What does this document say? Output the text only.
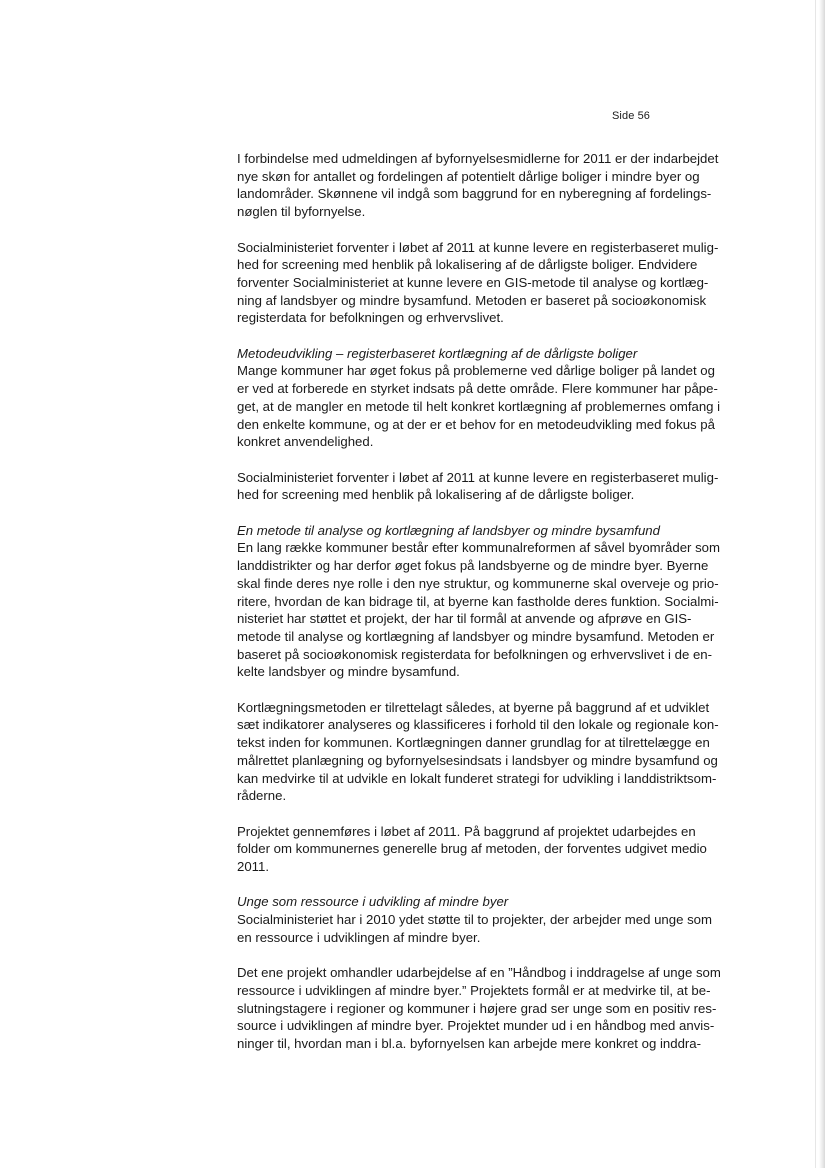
Side 56

I forbindelse med udmeldingen af byfornyelsesmidlerne for 2011 er der indarbejdet
nye skøn for antallet og fordelingen af potentielt dårlige boliger i mindre byer og
landområder. Skønnene vil indgå som baggrund for en nyberegning af fordelings-
nøglen til byfornyelse.

Socialministeriet forventer i løbet af 2011 at kunne levere en registerbaseret mulig-
hed for screening med henblik på lokalisering af de dårligste boliger. Endvidere
forventer Socialministeriet at kunne levere en GIS-metode til analyse og kortlæg-
ning af landsbyer og mindre bysamfund. Metoden er baseret på socioøkonomisk
registerdata for befolkningen og erhvervslivet.

Metodeudvikling – registerbaseret kortlægning af de dårligste boliger

Mange kommuner har øget fokus på problemerne ved dårlige boliger på landet og
er ved at forberede en styrket indsats på dette område. Flere kommuner har påpe-
get, at de mangler en metode til helt konkret kortlægning af problemernes omfang i
den enkelte kommune, og at der er et behov for en metodeudvikling med fokus på
konkret anvendelighed.

Socialministeriet forventer i løbet af 2011 at kunne levere en registerbaseret mulig-
hed for screening med henblik på lokalisering af de dårligste boliger.

En metode til analyse og kortlægning af landsbyer og mindre bysamfund

En lang række kommuner består efter kommunalreformen af såvel byområder som
landdistrikter og har derfor øget fokus på landsbyerne og de mindre byer. Byerne
skal finde deres nye rolle i den nye struktur, og kommunerne skal overveje og prio-
ritere, hvordan de kan bidrage til, at byerne kan fastholde deres funktion. Socialmi-
nisteriet har støttet et projekt, der har til formål at anvende og afprøve en GIS-
metode til analyse og kortlægning af landsbyer og mindre bysamfund. Metoden er
baseret på socioøkonomisk registerdata for befolkningen og erhvervslivet i de en-
kelte landsbyer og mindre bysamfund.

Kortlægningsmetoden er tilrettelagt således, at byerne på baggrund af et udviklet
sæt indikatorer analyseres og klassificeres i forhold til den lokale og regionale kon-
tekst inden for kommunen. Kortlægningen danner grundlag for at tilrettelægge en
målrettet planlægning og byfornyelsesindsats i landsbyer og mindre bysamfund og
kan medvirke til at udvikle en lokalt funderet strategi for udvikling i landdistriktsom-
råderne.

Projektet gennemføres i løbet af 2011. På baggrund af projektet udarbejdes en
folder om kommunernes generelle brug af metoden, der forventes udgivet medio
2011.

Unge som ressource i udvikling af mindre byer

Socialministeriet har i 2010 ydet støtte til to projekter, der arbejder med unge som
en ressource i udviklingen af mindre byer.

Det ene projekt omhandler udarbejdelse af en ”Håndbog i inddragelse af unge som
ressource i udviklingen af mindre byer.” Projektets formål er at medvirke til, at be-
slutningstagere i regioner og kommuner i højere grad ser unge som en positiv res-
source i udviklingen af mindre byer. Projektet munder ud i en håndbog med anvis-
ninger til, hvordan man i bl.a. byfornyelsen kan arbejde mere konkret og inddra-
